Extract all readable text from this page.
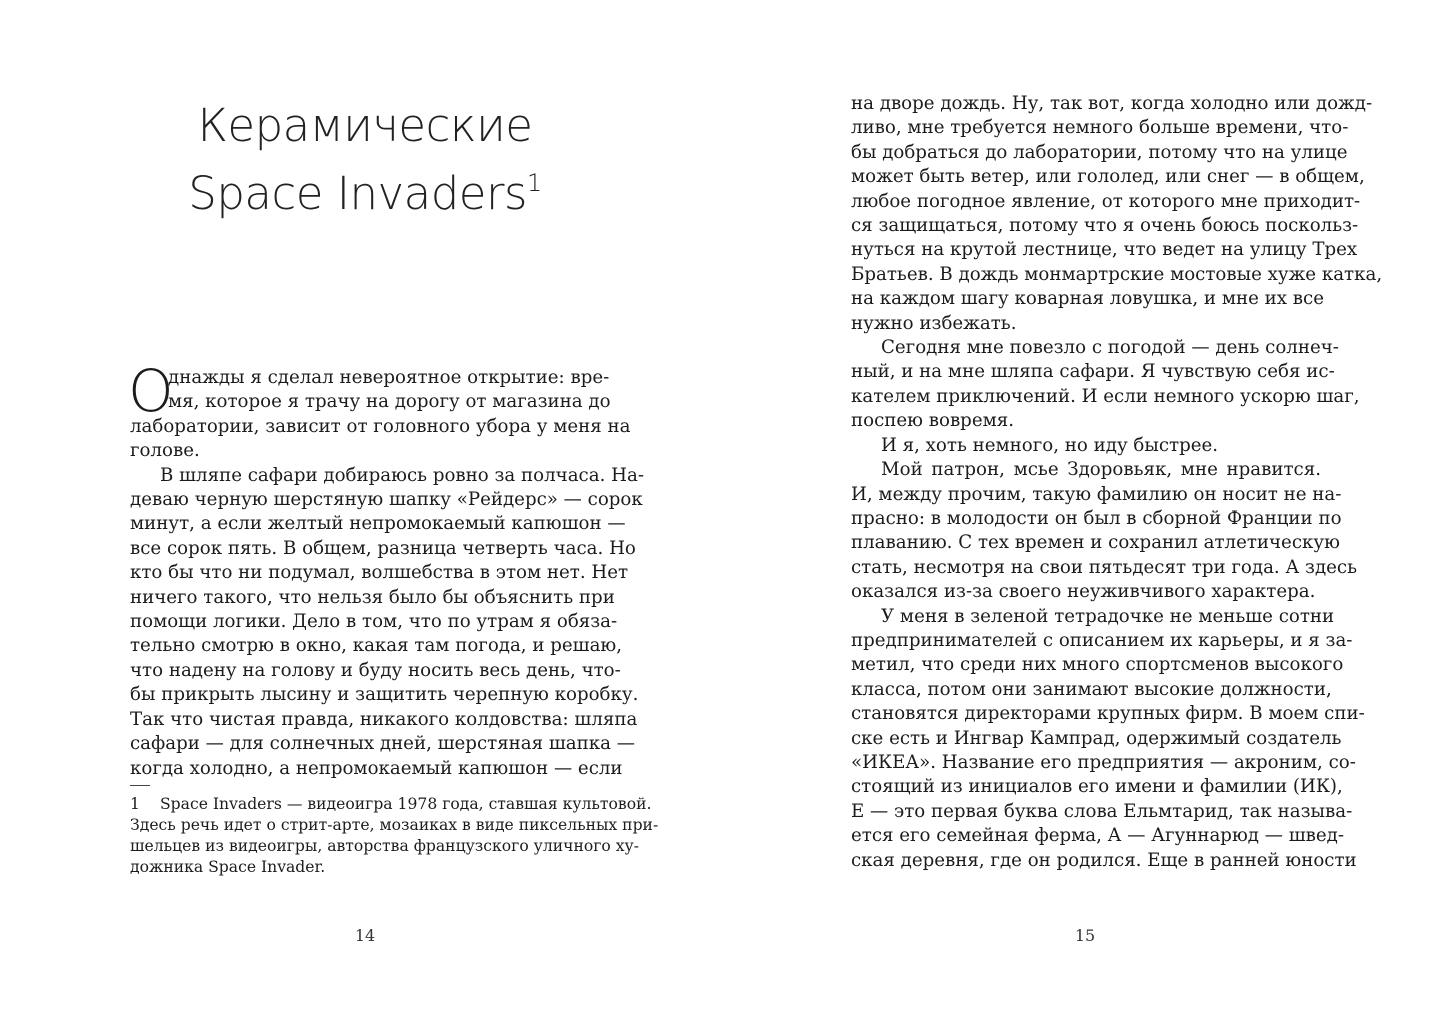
Керамические
Space Invaders$^1$
О
днажды я сделал невероятное открытие: вре-
мя, которое я трачу на дорогу от магазина до
лаборатории, зависит от головного убора у меня на
голове.
В шляпе сафари добираюсь ровно за полчаса. На-
деваю черную шерстяную шапку «Рейдерс» — сорок
минут, а если желтый непромокаемый капюшон —
все сорок пять. В общем, разница четверть часа. Но
кто бы что ни подумал, волшебства в этом нет. Нет
ничего такого, что нельзя было бы объяснить при
помощи логики. Дело в том, что по утрам я обяза-
тельно смотрю в окно, какая там погода, и решаю,
что надену на голову и буду носить весь день, что-
бы прикрыть лысину и защитить черепную коробку.
Так что чистая правда, никакого колдовства: шляпа
сафари — для солнечных дней, шерстяная шапка —
когда холодно, а непромокаемый капюшон — если
1 Space Invaders — видеоигра 1978 года, ставшая культовой.
Здесь речь идет о стрит-арте, мозаиках в виде пиксельных при-
шельцев из видеоигры, авторства французского уличного ху-
дожника Space Invader.
14
на дворе дождь. Ну, так вот, когда холодно или дожд-
ливо, мне требуется немного больше времени, что-
бы добраться до лаборатории, потому что на улице
может быть ветер, или гололед, или снег — в общем,
любое погодное явление, от которого мне приходит-
ся защищаться, потому что я очень боюсь поскольз-
нуться на крутой лестнице, что ведет на улицу Трех
Братьев. В дождь монмартрские мостовые хуже катка,
на каждом шагу коварная ловушка, и мне их все
нужно избежать.
Сегодня мне повезло с погодой — день солнеч-
ный, и на мне шляпа сафари. Я чувствую себя ис-
кателем приключений. И если немного ускорю шаг,
поспею вовремя.
И я, хоть немного, но иду быстрее.
Мой патрон, мсье Здоровьяк, мне нравится.
И, между прочим, такую фамилию он носит не на-
прасно: в молодости он был в сборной Франции по
плаванию. С тех времен и сохранил атлетическую
стать, несмотря на свои пятьдесят три года. А здесь
оказался из-за своего неуживчивого характера.
У меня в зеленой тетрадочке не меньше сотни
предпринимателей с описанием их карьеры, и я за-
метил, что среди них много спортсменов высокого
класса, потом они занимают высокие должности,
становятся директорами крупных фирм. В моем спи-
ске есть и Ингвар Кампрад, одержимый создатель
«ИКЕА». Название его предприятия — акроним, со-
стоящий из инициалов его имени и фамилии (ИК),
Е — это первая буква слова Ельмтарид, так называ-
ется его семейная ферма, А — Агуннарюд — швед-
ская деревня, где он родился. Еще в ранней юности
15
